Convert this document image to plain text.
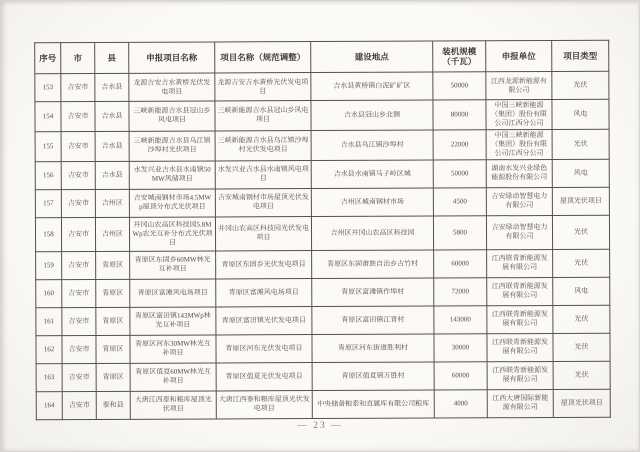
序号	市	县	申报项目名称	项目名称（规范调整）	建设地点	装机规模（千瓦）	申报单位	项目类型
153	吉安市	吉水县	龙源吉安吉水黄桥光伏发电项目	龙源吉安吉水黄桥光伏发电项目	吉水县黄桥镇白泥矿矿区	50000	江西龙源新能源有限公司	光伏
154	吉安市	吉水县	三峡新能源吉水县冠山乡风电项目	三峡新能源吉水县冠山乡风电项目	吉水县冠山乡北侧	80000	中国三峡新能源（集团）股份有限公司江西分公司	风电
155	吉安市	吉水县	三峡新能源吉水县乌江镇沙埠村光伏项目	三峡新能源吉水县乌江镇沙埠村光伏发电项目	吉水县乌江镇沙埠村	22000	中国三峡新能源（集团）股份有限公司江西分公司	光伏
156	吉安市	吉水县	水发兴业吉水县水南镇50MW风储项目	水发兴业吉水县水南镇风电项目	吉水县水南镇马子岭区域	50000	湖南水发兴业绿色能源股份有限公司	风电
157	吉安市	吉州区	吉安城南钢材市场4.5MWp屋顶分布式光伏项目	吉安城南钢材市场屋顶光伏发电项目	吉州区城南钢材市场	4500	吉安绿动智慧电力有限公司	屋顶光伏项目
158	吉安市	吉州区	井冈山农高区科技园5.8MWp农光互补分布式光伏项目	井冈山农高区科技园光伏发电项目	吉州区井冈山农高区科技园	5800	吉安绿动智慧电力有限公司	光伏
159	吉安市	青原区	青原区东固乡60MW林光互补项目	青原区东固乡光伏发电项目	青原区东固畲族自治乡古竹村	60000	江西联青新能源发展有限公司	光伏
160	吉安市	青原区	青原区富滩风电场项目	青原区富滩风电场项目	青原区富滩镇作埠村	72000	江西联青新能源发展有限公司	风电
161	吉安市	青原区	青原区富田镇143MWp林光互补项目	青原区富田镇光伏发电项目	青原区富田镇江背村	143000	江西联青新能源发展有限公司	光伏
162	吉安市	青原区	青原区河东30MW林光互补项目	青原区河东光伏发电项目	青原区河东街道胜利村	30000	江西联青新能源发展有限公司	光伏
163	吉安市	青原区	青原区值夏60MW林光互补项目	青原区值夏光伏发电项目	青原区值夏镇万胜村	60000	江西联青新能源发展有限公司	光伏
164	吉安市	泰和县	大唐江西泰和粮库屋顶光伏项目	大唐江西泰和粮库屋顶光伏发电项目	中央储备粮泰和直属库有限公司粮库	4000	江西大唐国际新能源有限公司	屋顶光伏项目
— 23 —
